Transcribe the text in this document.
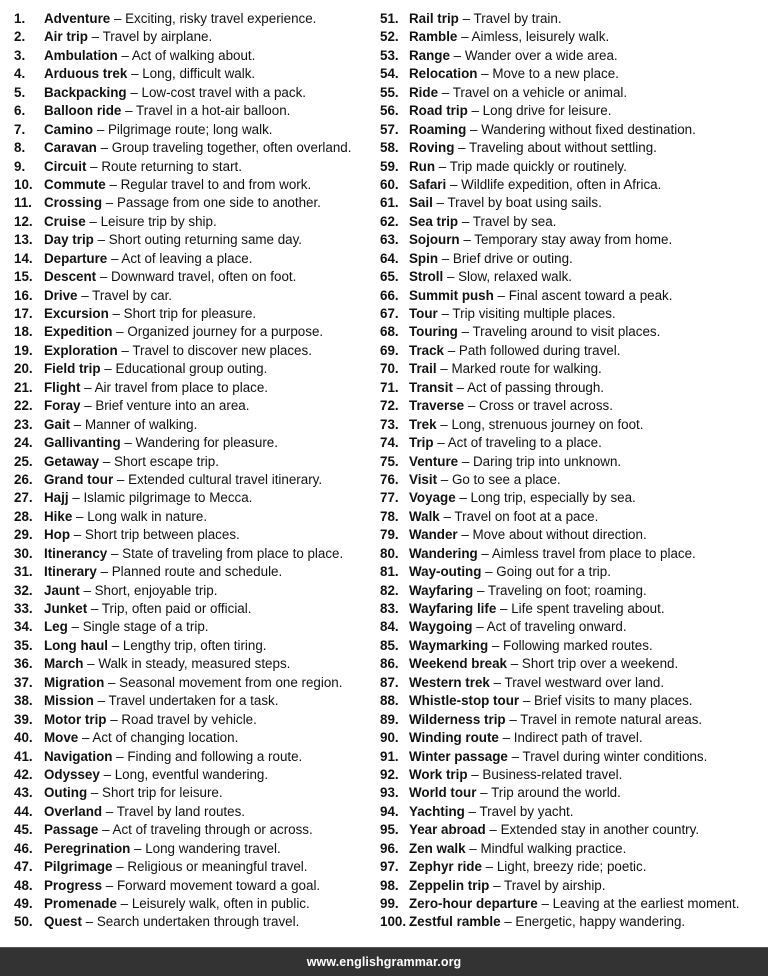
1.	Adventure – Exciting, risky travel experience.
2.	Air trip – Travel by airplane.
3.	Ambulation – Act of walking about.
4.	Arduous trek – Long, difficult walk.
5.	Backpacking – Low-cost travel with a pack.
6.	Balloon ride – Travel in a hot-air balloon.
7.	Camino – Pilgrimage route; long walk.
8.	Caravan – Group traveling together, often overland.
9.	Circuit – Route returning to start.
10. Commute – Regular travel to and from work.
11. Crossing – Passage from one side to another.
12. Cruise – Leisure trip by ship.
13. Day trip – Short outing returning same day.
14. Departure – Act of leaving a place.
15. Descent – Downward travel, often on foot.
16. Drive – Travel by car.
17. Excursion – Short trip for pleasure.
18. Expedition – Organized journey for a purpose.
19. Exploration – Travel to discover new places.
20. Field trip – Educational group outing.
21. Flight – Air travel from place to place.
22. Foray – Brief venture into an area.
23. Gait – Manner of walking.
24. Gallivanting – Wandering for pleasure.
25. Getaway – Short escape trip.
26. Grand tour – Extended cultural travel itinerary.
27. Hajj – Islamic pilgrimage to Mecca.
28. Hike – Long walk in nature.
29. Hop – Short trip between places.
30. Itinerancy – State of traveling from place to place.
31. Itinerary – Planned route and schedule.
32. Jaunt – Short, enjoyable trip.
33. Junket – Trip, often paid or official.
34. Leg – Single stage of a trip.
35. Long haul – Lengthy trip, often tiring.
36. March – Walk in steady, measured steps.
37. Migration – Seasonal movement from one region.
38. Mission – Travel undertaken for a task.
39. Motor trip – Road travel by vehicle.
40. Move – Act of changing location.
41. Navigation – Finding and following a route.
42. Odyssey – Long, eventful wandering.
43. Outing – Short trip for leisure.
44. Overland – Travel by land routes.
45. Passage – Act of traveling through or across.
46. Peregrination – Long wandering travel.
47. Pilgrimage – Religious or meaningful travel.
48. Progress – Forward movement toward a goal.
49. Promenade – Leisurely walk, often in public.
50. Quest – Search undertaken through travel.
51. Rail trip – Travel by train.
52. Ramble – Aimless, leisurely walk.
53. Range – Wander over a wide area.
54. Relocation – Move to a new place.
55. Ride – Travel on a vehicle or animal.
56. Road trip – Long drive for leisure.
57. Roaming – Wandering without fixed destination.
58. Roving – Traveling about without settling.
59. Run – Trip made quickly or routinely.
60. Safari – Wildlife expedition, often in Africa.
61. Sail – Travel by boat using sails.
62. Sea trip – Travel by sea.
63. Sojourn – Temporary stay away from home.
64. Spin – Brief drive or outing.
65. Stroll – Slow, relaxed walk.
66. Summit push – Final ascent toward a peak.
67. Tour – Trip visiting multiple places.
68. Touring – Traveling around to visit places.
69. Track – Path followed during travel.
70. Trail – Marked route for walking.
71. Transit – Act of passing through.
72. Traverse – Cross or travel across.
73. Trek – Long, strenuous journey on foot.
74. Trip – Act of traveling to a place.
75. Venture – Daring trip into unknown.
76. Visit – Go to see a place.
77. Voyage – Long trip, especially by sea.
78. Walk – Travel on foot at a pace.
79. Wander – Move about without direction.
80. Wandering – Aimless travel from place to place.
81. Way-outing – Going out for a trip.
82. Wayfaring – Traveling on foot; roaming.
83. Wayfaring life – Life spent traveling about.
84. Waygoing – Act of traveling onward.
85. Waymarking – Following marked routes.
86. Weekend break – Short trip over a weekend.
87. Western trek – Travel westward over land.
88. Whistle-stop tour – Brief visits to many places.
89. Wilderness trip – Travel in remote natural areas.
90. Winding route – Indirect path of travel.
91. Winter passage – Travel during winter conditions.
92. Work trip – Business-related travel.
93. World tour – Trip around the world.
94. Yachting – Travel by yacht.
95. Year abroad – Extended stay in another country.
96. Zen walk – Mindful walking practice.
97. Zephyr ride – Light, breezy ride; poetic.
98. Zeppelin trip – Travel by airship.
99. Zero-hour departure – Leaving at the earliest moment.
100. Zestful ramble – Energetic, happy wandering.
www.englishgrammar.org
